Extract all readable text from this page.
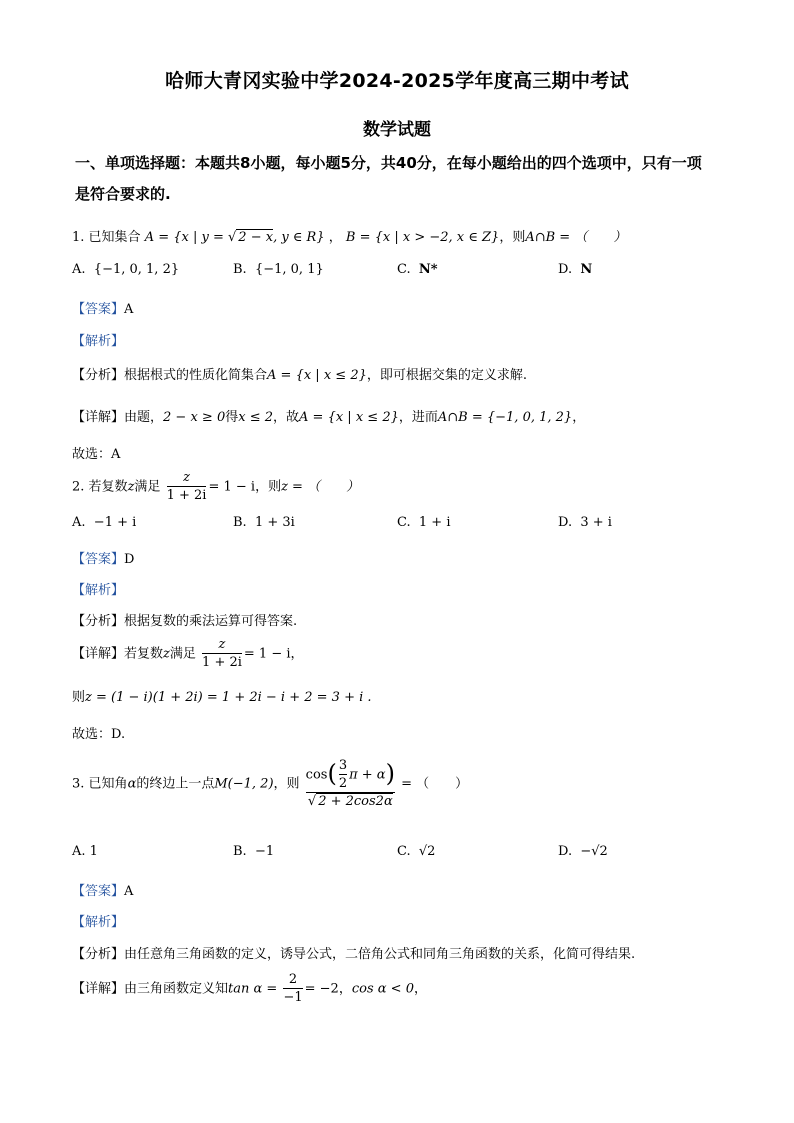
哈师大青冈实验中学2024-2025学年度高三期中考试
数学试题
一、单项选择题：本题共8小题，每小题5分，共40分，在每小题给出的四个选项中，只有一项是符合要求的.
1. 已知集合 A = {x | y = √ 2 − x, y ∈ R} ， B = {x | x > −2, x ∈ Z}，则A∩B = （　　）
A. {−1, 0, 1, 2}	B. {−1, 0, 1}	C. N*	D. N
【答案】A
【解析】
【分析】根据根式的性质化简集合A = {x | x ≤ 2}，即可根据交集的定义求解.
【详解】由题，2 − x ≥ 0得x ≤ 2，故A = {x | x ≤ 2}，进而A∩B = {−1, 0, 1, 2}，
故选：A
2. 若复数z满足 $\frac{z}{1 + 2i} = 1 - i$，则z = （　　）
A. −1 + i	B. 1 + 3i	C. 1 + i	D. 3 + i
【答案】D
【解析】
【分析】根据复数的乘法运算可得答案.
【详解】若复数z满足 $\frac{z}{1 + 2i} = 1 - i$，
则z = (1 − i)(1 + 2i) = 1 + 2i − i + 2 = 3 + i .
故选：D.
3. 已知角α的终边上一点M(−1, 2)，则 $\frac{\cos( \frac{3}{2} \pi + \alpha)}{√ 2 + 2\cos 2\alpha}$ = （　　）
A. 1	B. −1	C. √2	D. −√2
【答案】A
【解析】
【分析】由任意角三角函数的定义，诱导公式，二倍角公式和同角三角函数的关系，化简可得结果.
【详解】由三角函数定义知$\tan \alpha = \frac{2}{-1} = -2$，cos α < 0，
